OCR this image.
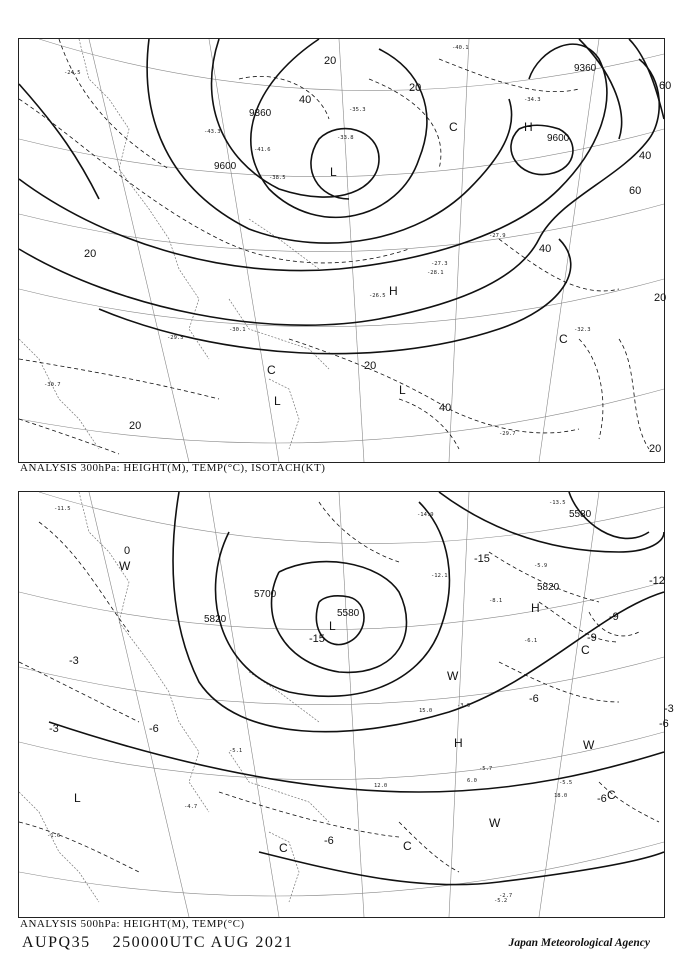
9360
9600
9360
9600
20
40
60
20
40
60
40
20
20
40
20
20
20
L
L
L
H
H
C
C
C
-43.3
-41.6
-38.5
-35.3
-27.9
-28.1
-32.3
-29.7
-40.1
-34.3
-33.8
-27.3
-26.5
-30.1
-29.5
-30.7
-24.5
ANALYSIS 300hPa: HEIGHT(M), TEMP(°C), ISOTACH(KT)
5580
5700
5820
5820
5580
-3
-3
-6
-6
-9
-9
-12
-15
-15
0
-3	-6
-6
-6
L
L
H
H
W
W
W
W
C
C
C
C
-11.5
-14.9
-13.5
-12.1
-8.1
-5.9
-3.9
-5.7
-5.5
-4.7
-5.1
-2.7
-1.6
-6.1
-5.2
15.0
18.0
6.0
12.0
ANALYSIS 500hPa: HEIGHT(M), TEMP(°C)
AUPQ35 250000UTC AUG 2021	Japan Meteorological Agency
